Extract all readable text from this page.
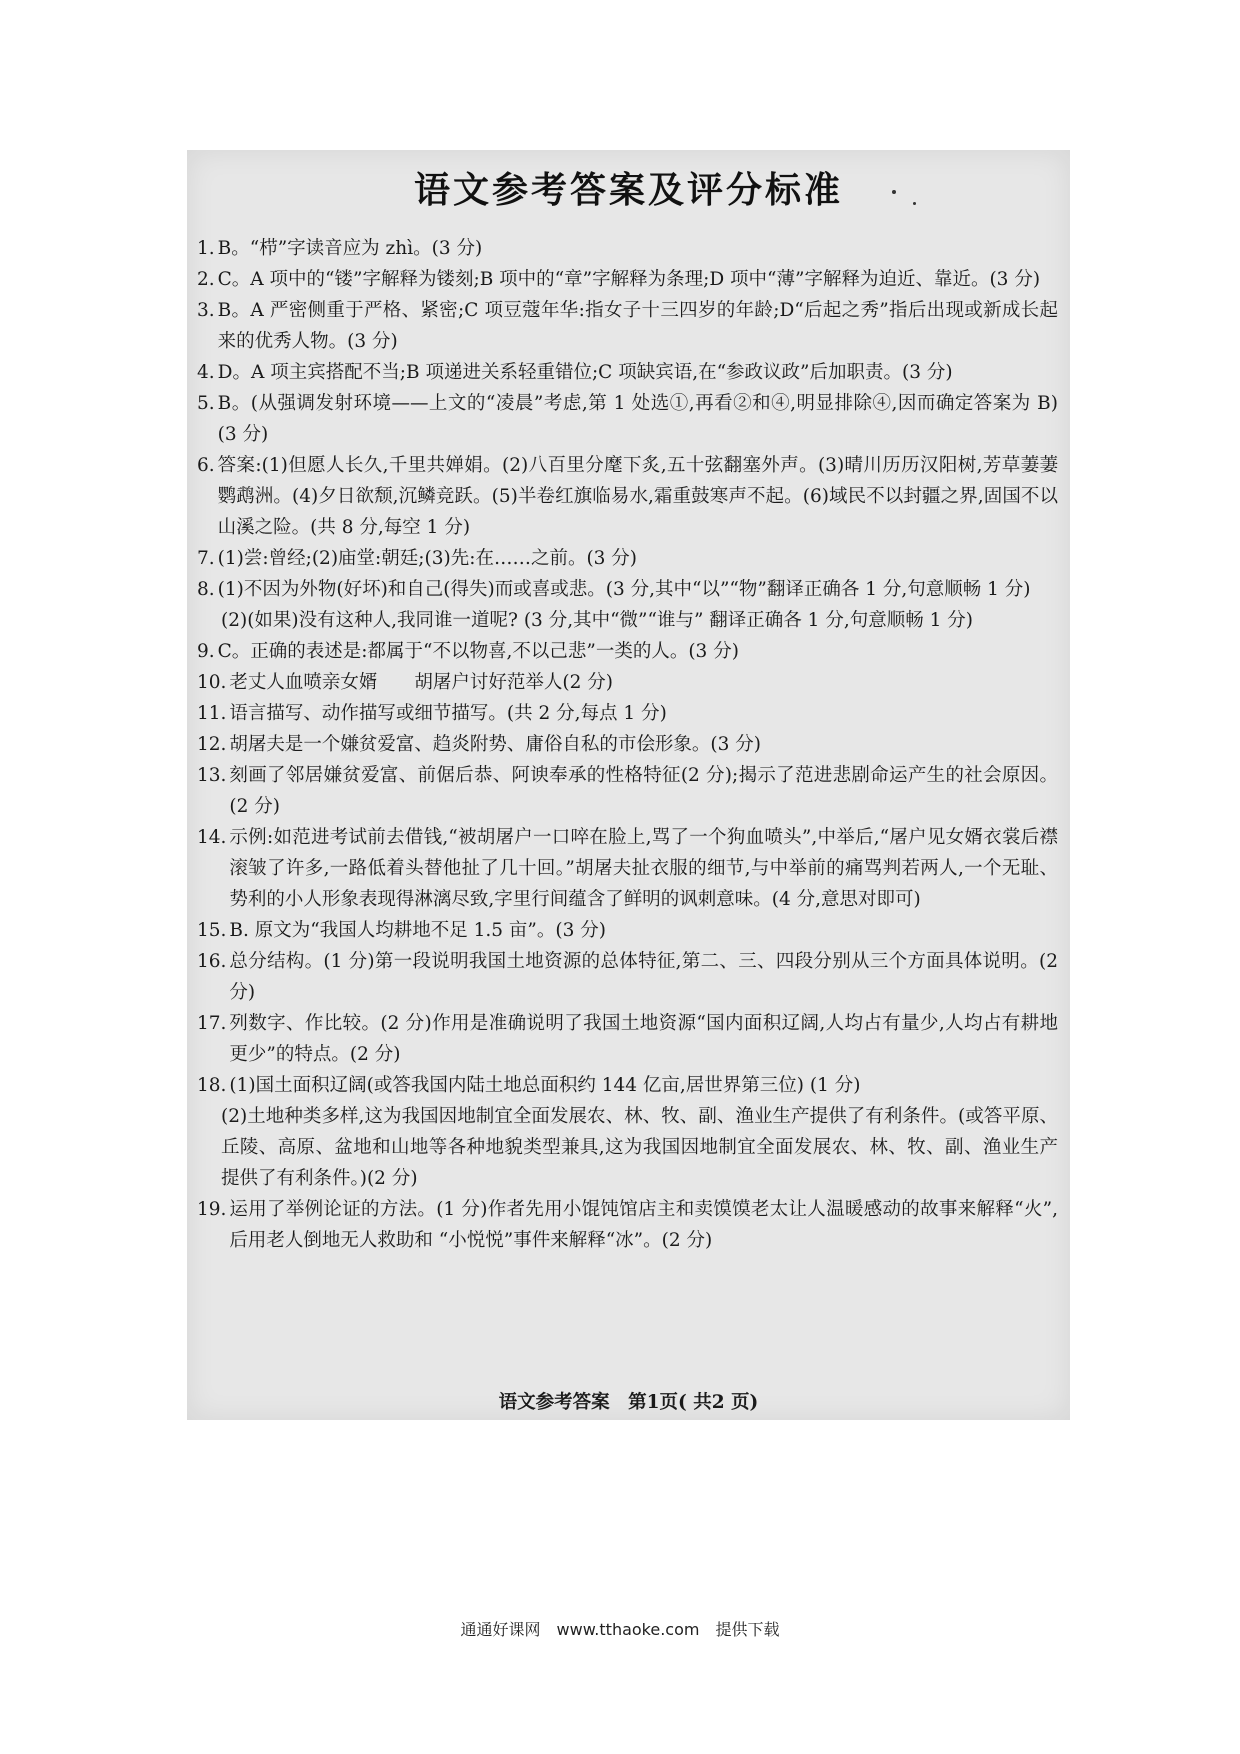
语文参考答案及评分标准
1. B。“栉”字读音应为 zhì。(3 分)
2. C。A 项中的“镂”字解释为镂刻;B 项中的“章”字解释为条理;D 项中“薄”字解释为迫近、靠近。(3 分)
3. B。A 严密侧重于严格、紧密;C 项豆蔻年华:指女子十三四岁的年龄;D“后起之秀”指后出现或新成长起来的优秀人物。(3 分)
4. D。A 项主宾搭配不当;B 项递进关系轻重错位;C 项缺宾语,在“参政议政”后加职责。(3 分)
5. B。(从强调发射环境——上文的“凌晨”考虑,第 1 处选①,再看②和④,明显排除④,因而确定答案为 B) (3 分)
6. 答案:(1)但愿人长久,千里共婵娟。(2)八百里分麾下炙,五十弦翻塞外声。(3)晴川历历汉阳树,芳草萋萋鹦鹉洲。(4)夕日欲颓,沉鳞竞跃。(5)半卷红旗临易水,霜重鼓寒声不起。(6)域民不以封疆之界,固国不以山溪之险。(共 8 分,每空 1 分)
7. (1)尝:曾经;(2)庙堂:朝廷;(3)先:在……之前。(3 分)
8. (1)不因为外物(好坏)和自己(得失)而或喜或悲。(3 分,其中“以”“物”翻译正确各 1 分,句意顺畅 1 分)
(2)(如果)没有这种人,我同谁一道呢? (3 分,其中“微”“谁与” 翻译正确各 1 分,句意顺畅 1 分)
9. C。正确的表述是:都属于“不以物喜,不以己悲”一类的人。(3 分)
10. 老丈人血喷亲女婿　　胡屠户讨好范举人(2 分)
11. 语言描写、动作描写或细节描写。(共 2 分,每点 1 分)
12. 胡屠夫是一个嫌贫爱富、趋炎附势、庸俗自私的市侩形象。(3 分)
13. 刻画了邻居嫌贫爱富、前倨后恭、阿谀奉承的性格特征(2 分);揭示了范进悲剧命运产生的社会原因。(2 分)
14. 示例:如范进考试前去借钱,“被胡屠户一口啐在脸上,骂了一个狗血喷头”,中举后,“屠户见女婿衣裳后襟滚皱了许多,一路低着头替他扯了几十回。”胡屠夫扯衣服的细节,与中举前的痛骂判若两人,一个无耻、势利的小人形象表现得淋漓尽致,字里行间蕴含了鲜明的讽刺意味。(4 分,意思对即可)
15. B. 原文为“我国人均耕地不足 1.5 亩”。(3 分)
16. 总分结构。(1 分)第一段说明我国土地资源的总体特征,第二、三、四段分别从三个方面具体说明。(2 分)
17. 列数字、作比较。(2 分)作用是准确说明了我国土地资源“国内面积辽阔,人均占有量少,人均占有耕地更少”的特点。(2 分)
18. (1)国土面积辽阔(或答我国内陆土地总面积约 144 亿亩,居世界第三位) (1 分)
(2)土地种类多样,这为我国因地制宜全面发展农、林、牧、副、渔业生产提供了有利条件。(或答平原、丘陵、高原、盆地和山地等各种地貌类型兼具,这为我国因地制宜全面发展农、林、牧、副、渔业生产提供了有利条件。)(2 分)
19. 运用了举例论证的方法。(1 分)作者先用小馄饨馆店主和卖馍馍老太让人温暖感动的故事来解释“火”,后用老人倒地无人救助和 “小悦悦”事件来解释“冰”。(2 分)
语文参考答案　第1页( 共2 页)
通通好课网　www.tthaoke.com　提供下载
